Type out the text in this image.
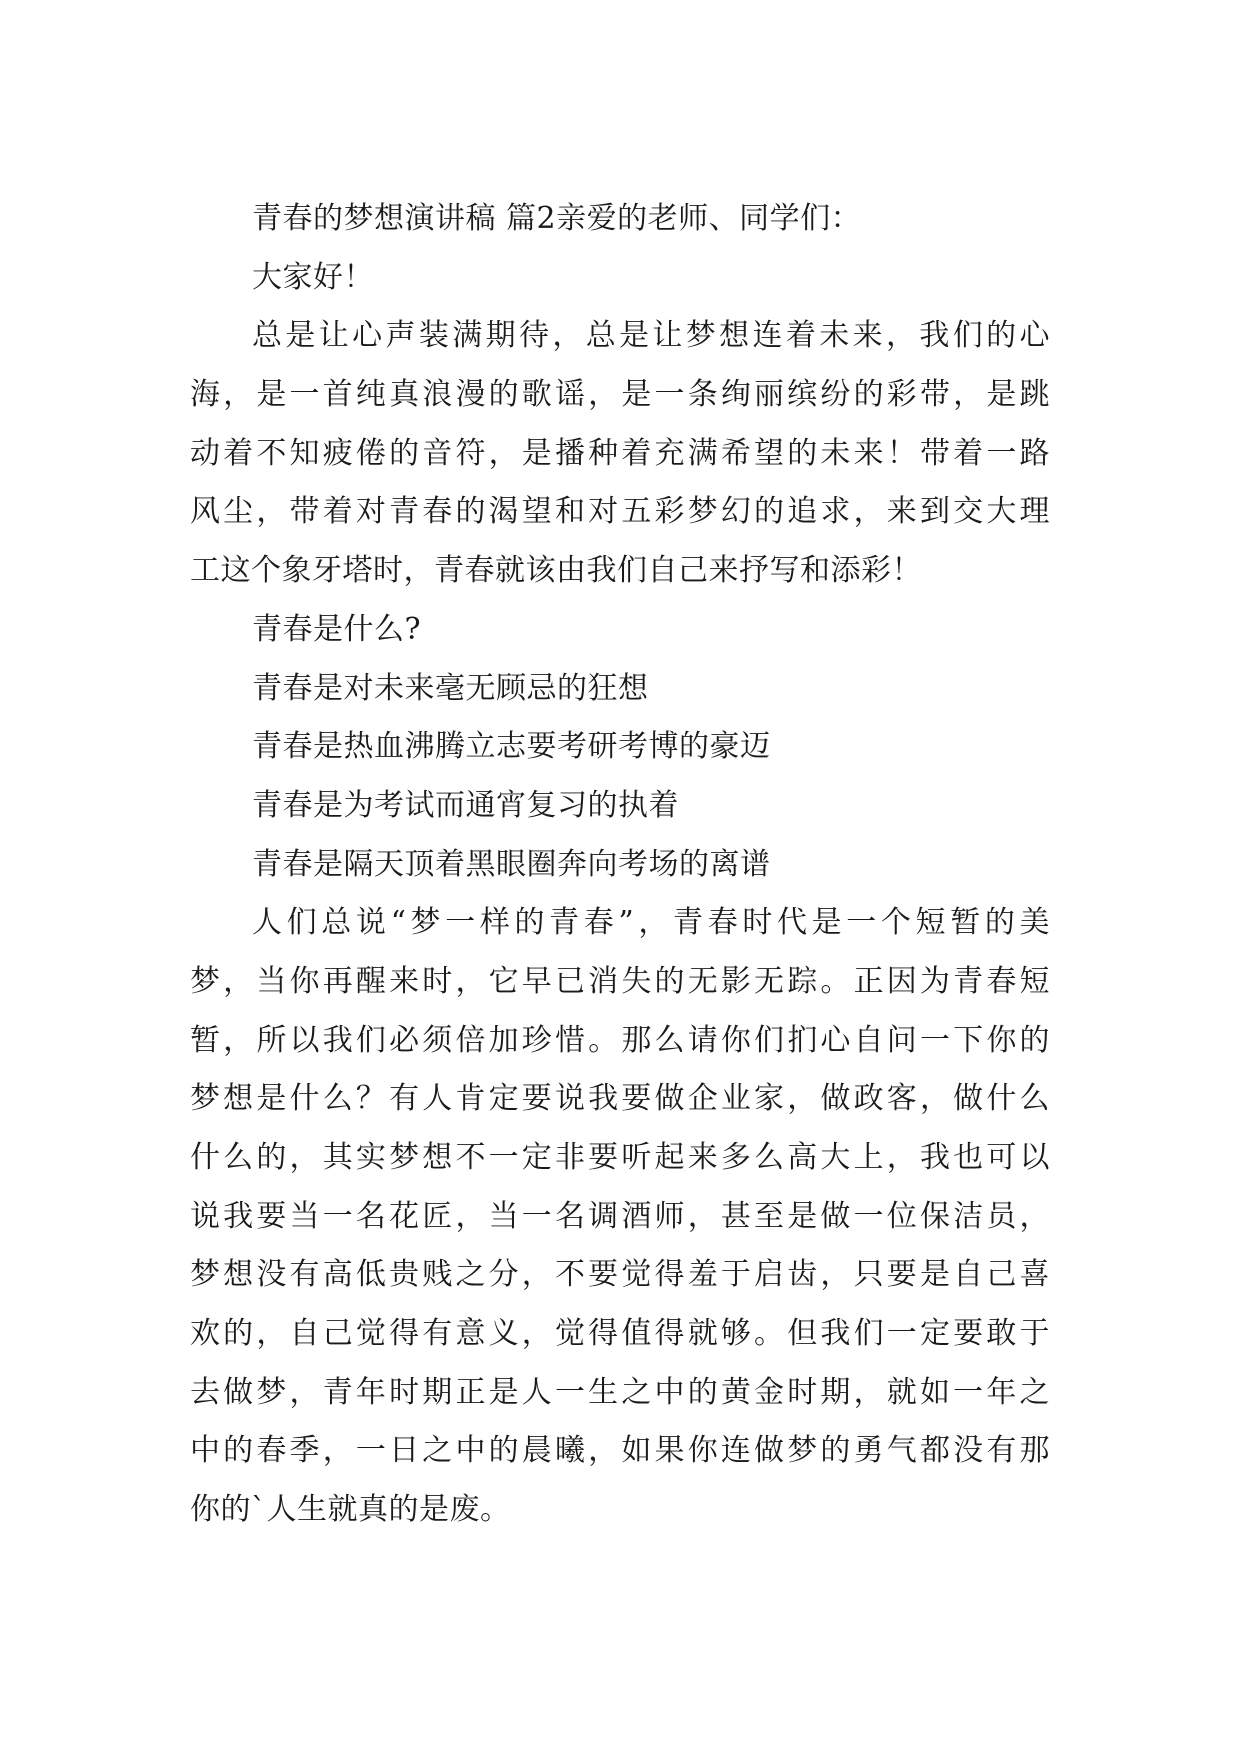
青春的梦想演讲稿 篇2亲爱的老师、同学们：
大家好！
总是让心声装满期待，总是让梦想连着未来，我们的心
海，是一首纯真浪漫的歌谣，是一条绚丽缤纷的彩带，是跳
动着不知疲倦的音符，是播种着充满希望的未来！带着一路
风尘，带着对青春的渴望和对五彩梦幻的追求，来到交大理
工这个象牙塔时，青春就该由我们自己来抒写和添彩！
青春是什么?
青春是对未来毫无顾忌的狂想
青春是热血沸腾立志要考研考博的豪迈
青春是为考试而通宵复习的执着
青春是隔天顶着黑眼圈奔向考场的离谱
人们总说“梦一样的青春”，青春时代是一个短暂的美
梦，当你再醒来时，它早已消失的无影无踪。正因为青春短
暂，所以我们必须倍加珍惜。那么请你们扪心自问一下你的
梦想是什么？有人肯定要说我要做企业家，做政客，做什么
什么的，其实梦想不一定非要听起来多么高大上，我也可以
说我要当一名花匠，当一名调酒师，甚至是做一位保洁员，
梦想没有高低贵贱之分，不要觉得羞于启齿，只要是自己喜
欢的，自己觉得有意义，觉得值得就够。但我们一定要敢于
去做梦，青年时期正是人一生之中的黄金时期，就如一年之
中的春季，一日之中的晨曦，如果你连做梦的勇气都没有那
你的`人生就真的是废。
